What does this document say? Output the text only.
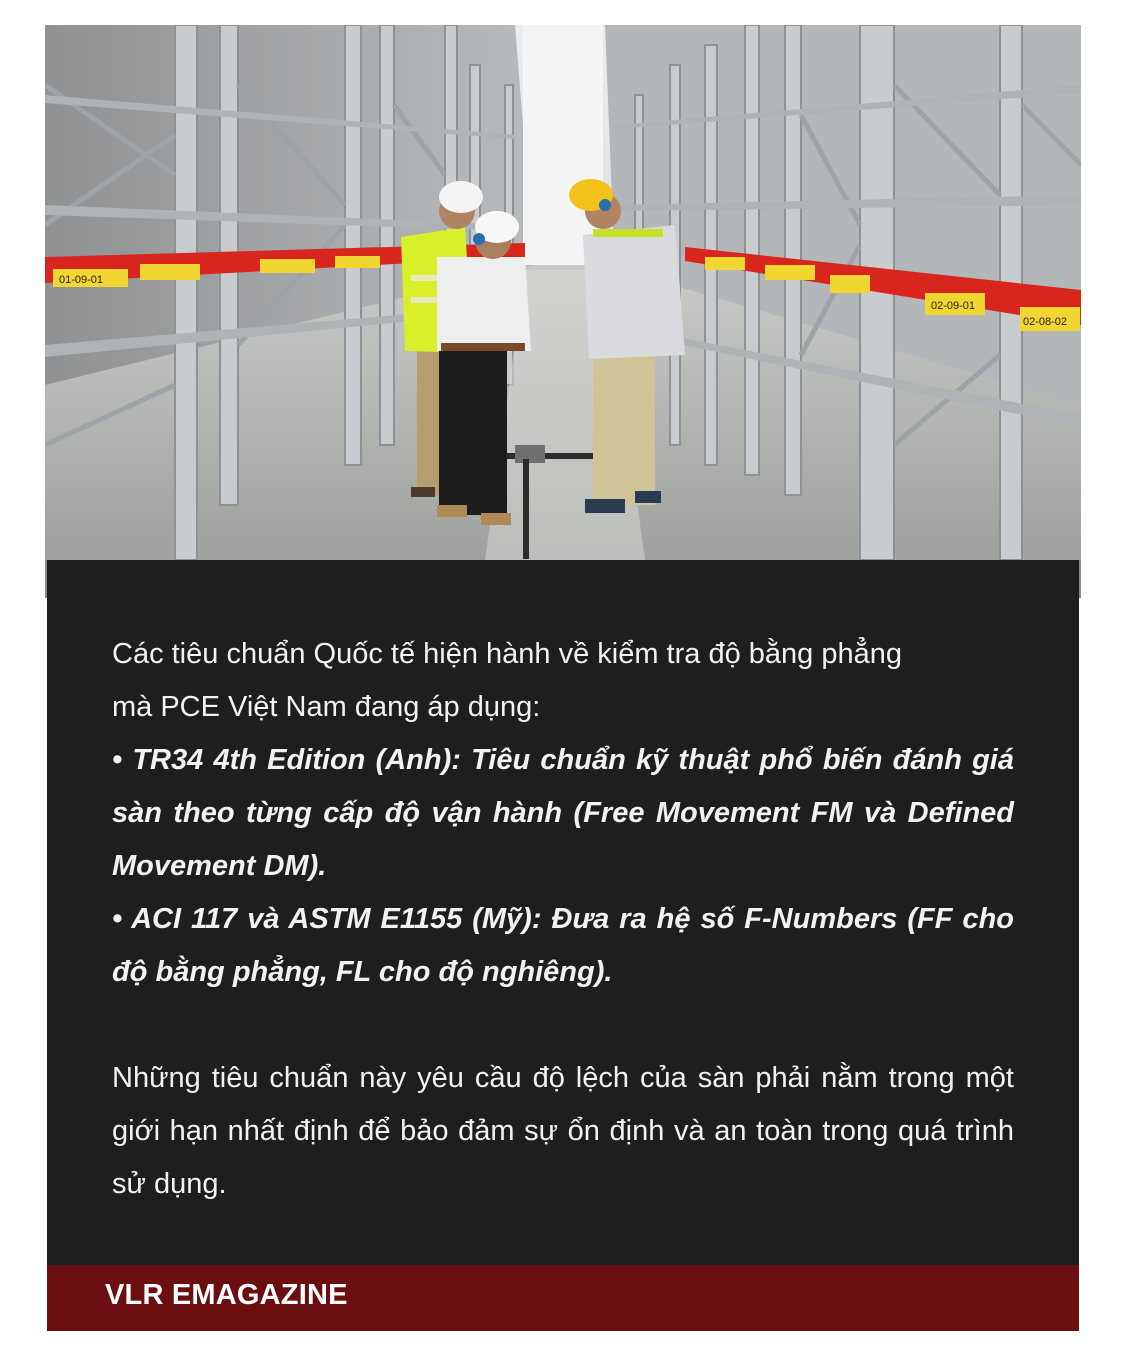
01-09-01
02-08-02
02-09-01

Các tiêu chuẩn Quốc tế hiện hành về kiểm tra độ bằng phẳng

mà PCE Việt Nam đang áp dụng:

• TR34 4th Edition (Anh): Tiêu chuẩn kỹ thuật phổ biến đánh giá sàn theo từng cấp độ vận hành (Free Movement FM và Defined Movement DM).

• ACI 117 và ASTM E1155 (Mỹ): Đưa ra hệ số F-Numbers (FF cho độ bằng phẳng, FL cho độ nghiêng).

Những tiêu chuẩn này yêu cầu độ lệch của sàn phải nằm trong một giới hạn nhất định để bảo đảm sự ổn định và an toàn trong quá trình sử dụng.

VLR EMAGAZINE
